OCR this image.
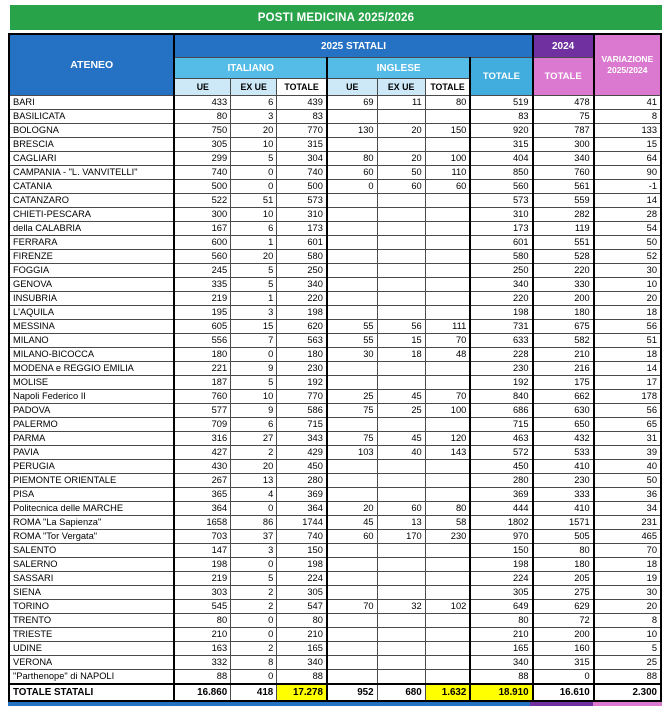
POSTI MEDICINA 2025/2026
ATENEO	2025 STATALI							2024	VARIAZIONE
2025/2024

	ITALIANO			INGLESE			TOTALE	TOTALE	
	UE	EX UE	TOTALE	UE	EX UE	TOTALE			
BARI	433	6	439	69	11	80	519	478	41
BASILICATA	80	3	83				83	75	8
BOLOGNA	750	20	770	130	20	150	920	787	133
BRESCIA	305	10	315				315	300	15
CAGLIARI	299	5	304	80	20	100	404	340	64
CAMPANIA - "L. VANVITELLI"	740	0	740	60	50	110	850	760	90
CATANIA	500	0	500	0	60	60	560	561	-1
CATANZARO	522	51	573				573	559	14
CHIETI-PESCARA	300	10	310				310	282	28
della CALABRIA	167	6	173				173	119	54
FERRARA	600	1	601				601	551	50
FIRENZE	560	20	580				580	528	52
FOGGIA	245	5	250				250	220	30
GENOVA	335	5	340				340	330	10
INSUBRIA	219	1	220				220	200	20
L'AQUILA	195	3	198				198	180	18
MESSINA	605	15	620	55	56	111	731	675	56
MILANO	556	7	563	55	15	70	633	582	51
MILANO-BICOCCA	180	0	180	30	18	48	228	210	18
MODENA e REGGIO EMILIA	221	9	230				230	216	14
MOLISE	187	5	192				192	175	17
Napoli Federico II	760	10	770	25	45	70	840	662	178
PADOVA	577	9	586	75	25	100	686	630	56
PALERMO	709	6	715				715	650	65
PARMA	316	27	343	75	45	120	463	432	31
PAVIA	427	2	429	103	40	143	572	533	39
PERUGIA	430	20	450				450	410	40
PIEMONTE ORIENTALE	267	13	280				280	230	50
PISA	365	4	369				369	333	36
Politecnica delle MARCHE	364	0	364	20	60	80	444	410	34
ROMA "La Sapienza"	1658	86	1744	45	13	58	1802	1571	231
ROMA "Tor Vergata"	703	37	740	60	170	230	970	505	465
SALENTO	147	3	150				150	80	70
SALERNO	198	0	198				198	180	18
SASSARI	219	5	224				224	205	19
SIENA	303	2	305				305	275	30
TORINO	545	2	547	70	32	102	649	629	20
TRENTO	80	0	80				80	72	8
TRIESTE	210	0	210				210	200	10
UDINE	163	2	165				165	160	5
VERONA	332	8	340				340	315	25
"Parthenope" di NAPOLI	88	0	88				88	0	88
TOTALE STATALI	16.860	418	17.278	952	680	1.632	18.910	16.610	2.300
